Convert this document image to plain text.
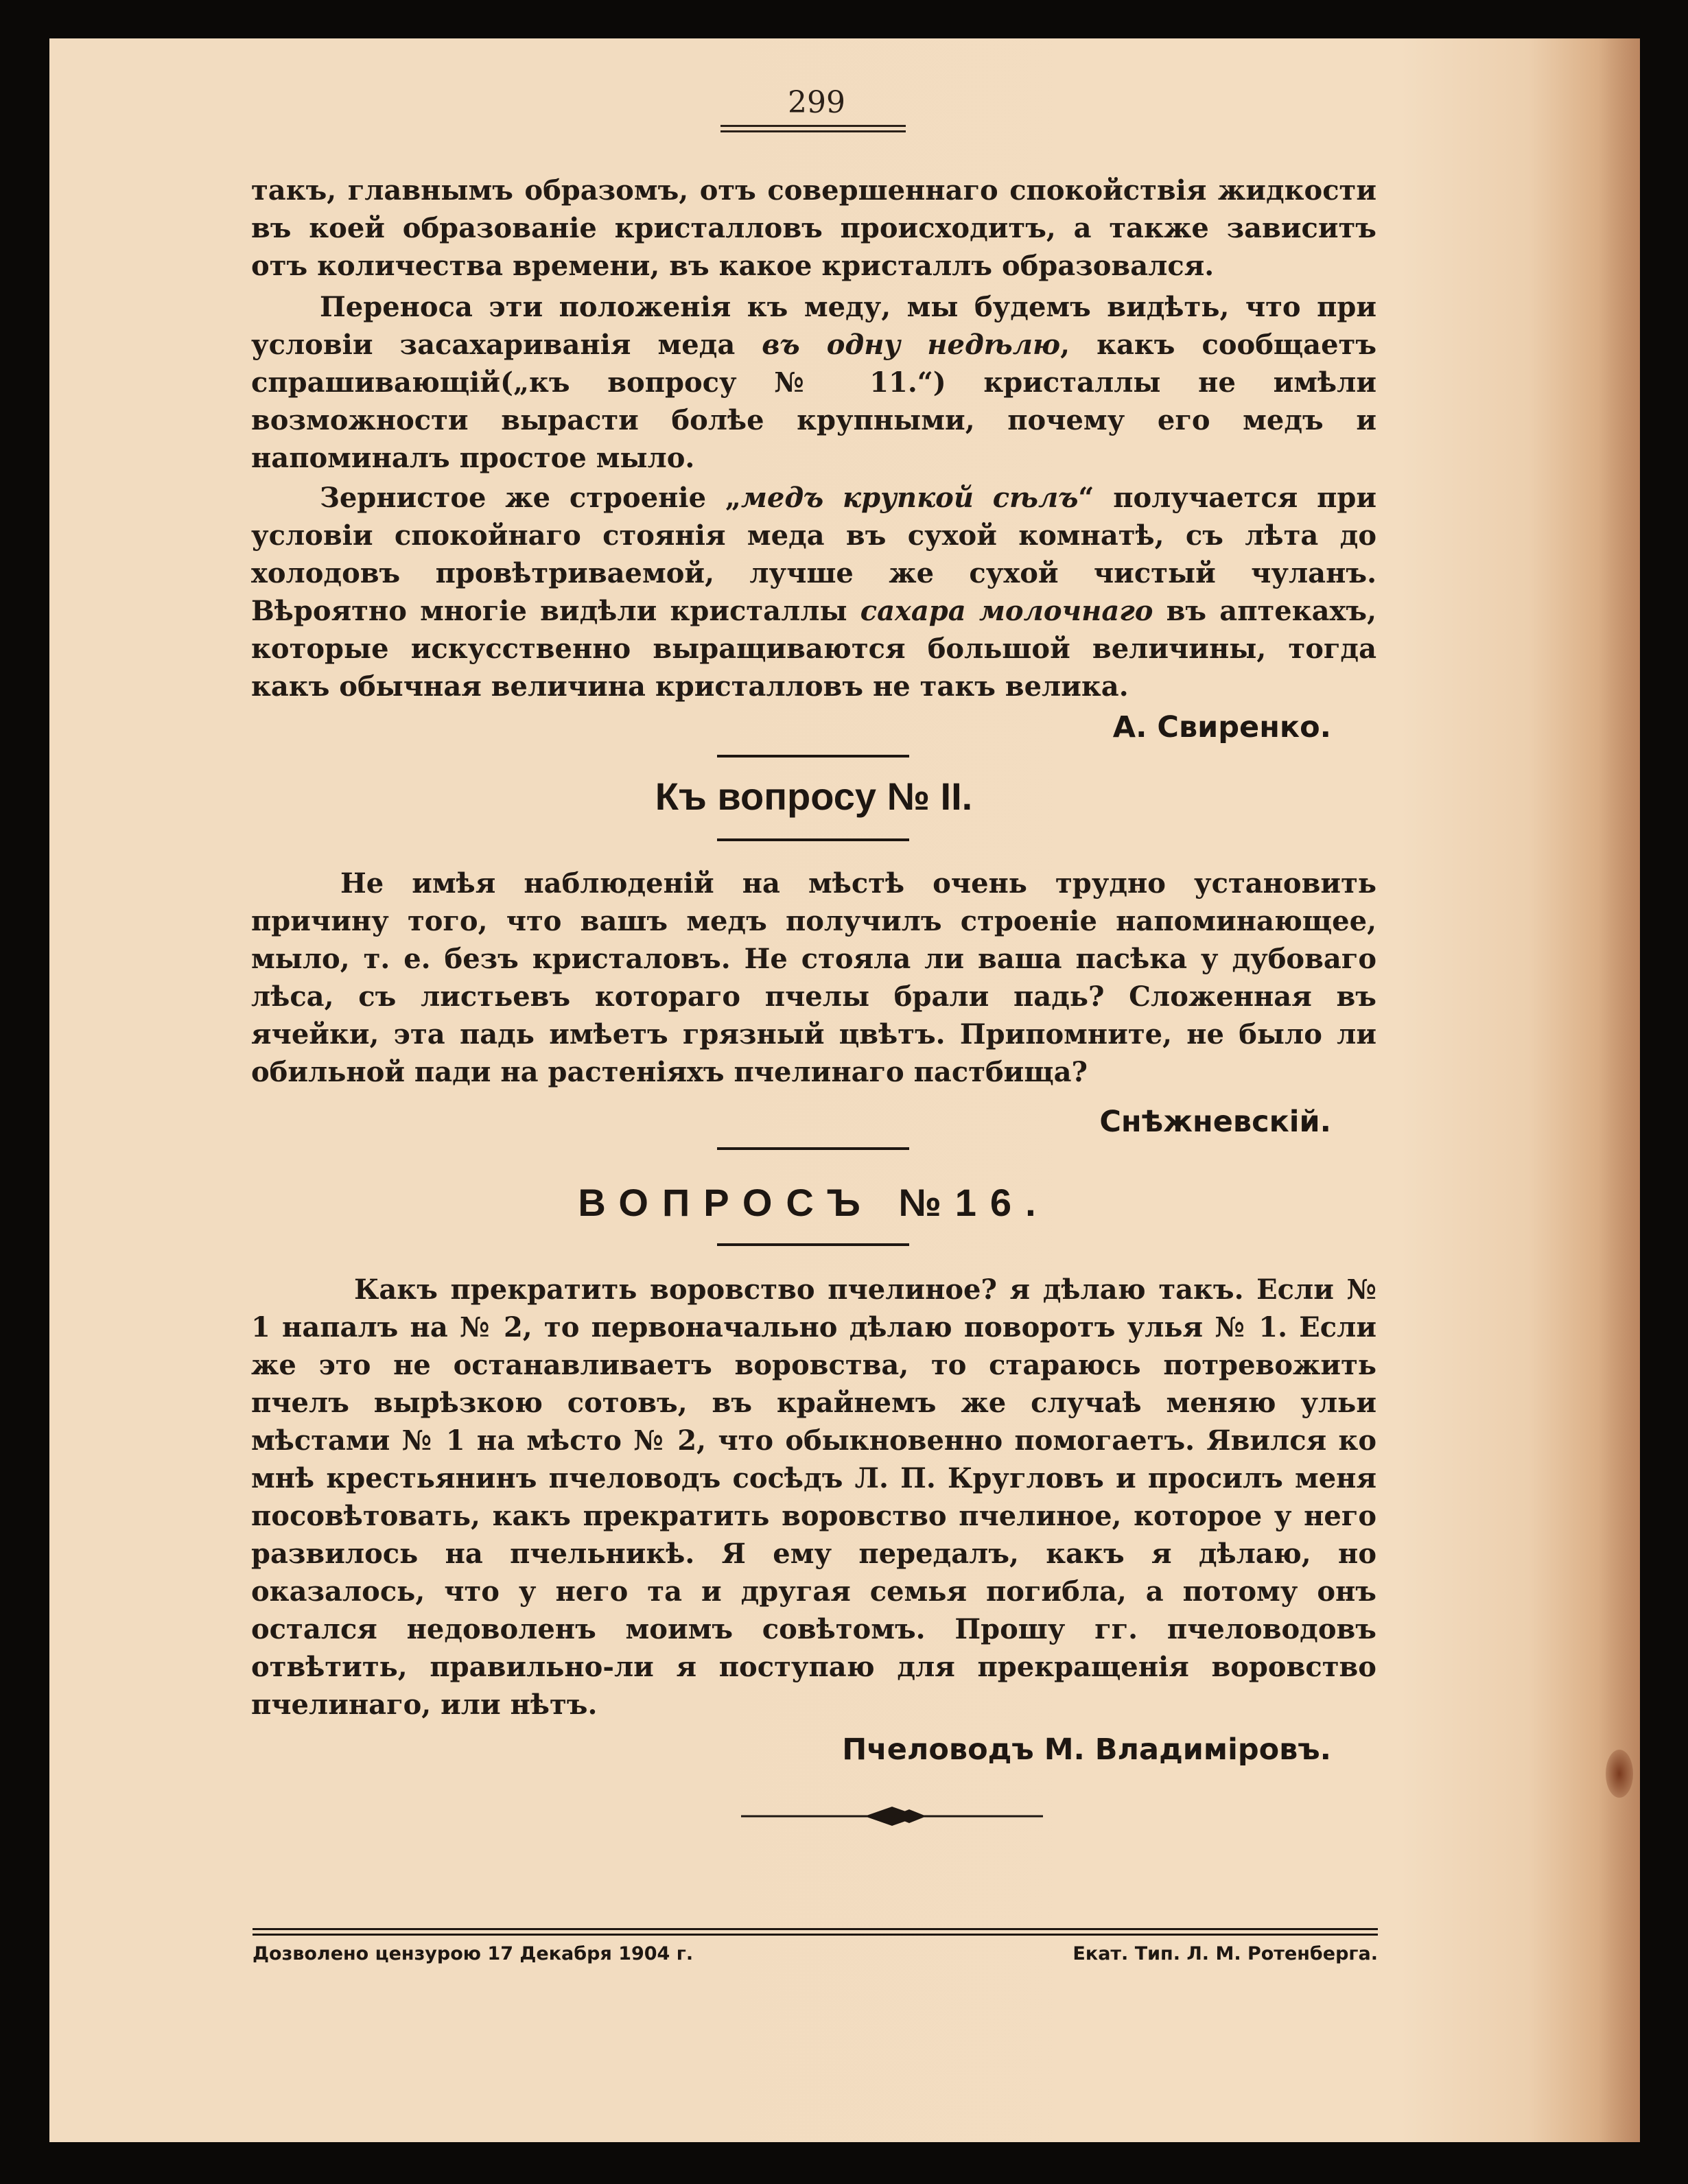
299

такъ, главнымъ образомъ, отъ совершеннаго спокойствія жидкости въ коей образованіе кристалловъ происходитъ, а также зависитъ отъ количества времени, въ какое кристаллъ образовался.

Переноса эти положенія къ меду, мы будемъ видѣть, что при условіи засахариванія меда въ одну недѣлю, какъ сообщаетъ спрашивающій(„къ вопросу № 11.“) кристаллы не имѣли возможности вырасти болѣе крупными, почему его медъ и напоминалъ простое мыло.

Зернистое же строеніе „медъ крупкой сѣлъ“ получается при условіи спокойнаго стоянія меда въ сухой комнатѣ, съ лѣта до холодовъ провѣтриваемой, лучше же сухой чистый чуланъ. Вѣроятно многіе видѣли кристаллы сахара молочнаго въ аптекахъ, которые искусственно выращиваются большой величины, тогда какъ обычная величина кристалловъ не такъ велика.

А. Свиренко.
Къ вопросу № II.

Не имѣя наблюденій на мѣстѣ очень трудно установить причину того, что вашъ медъ получилъ строеніе напоминающее, мыло, т. е. безъ кристаловъ. Не стояла ли ваша пасѣка у дубоваго лѣса, съ листьевъ котораго пчелы брали падь? Сложенная въ ячейки, эта падь имѣетъ грязный цвѣтъ. Припомните, не было ли обильной пади на растеніяхъ пчелинаго пастбища?

Снѣжневскій.
ВОПРОСЪ №16.

Какъ прекратить воровство пчелиное? я дѣлаю такъ. Если № 1 напалъ на № 2, то первоначально дѣлаю поворотъ улья № 1. Если же это не останавливаетъ воровства, то стараюсь потревожить пчелъ вырѣзкою сотовъ, въ крайнемъ же случаѣ меняю ульи мѣстами № 1 на мѣсто № 2, что обыкновенно помогаетъ. Явился ко мнѣ крестьянинъ пчеловодъ сосѣдъ Л. П. Кругловъ и просилъ меня посовѣтовать, какъ прекратить воровство пчелиное, которое у него развилось на пчельникѣ. Я ему передалъ, какъ я дѣлаю, но оказалось, что у него та и другая семья погибла, а потому онъ остался недоволенъ моимъ совѣтомъ. Прошу гг. пчеловодовъ отвѣтить, правильно-ли я поступаю для прекращенія воровство пчелинаго, или нѣтъ.

Пчеловодъ М. Владиміровъ.
Дозволено цензурою 17 Декабря 1904 г.	Екат. Тип. Л. М. Ротенберга.
